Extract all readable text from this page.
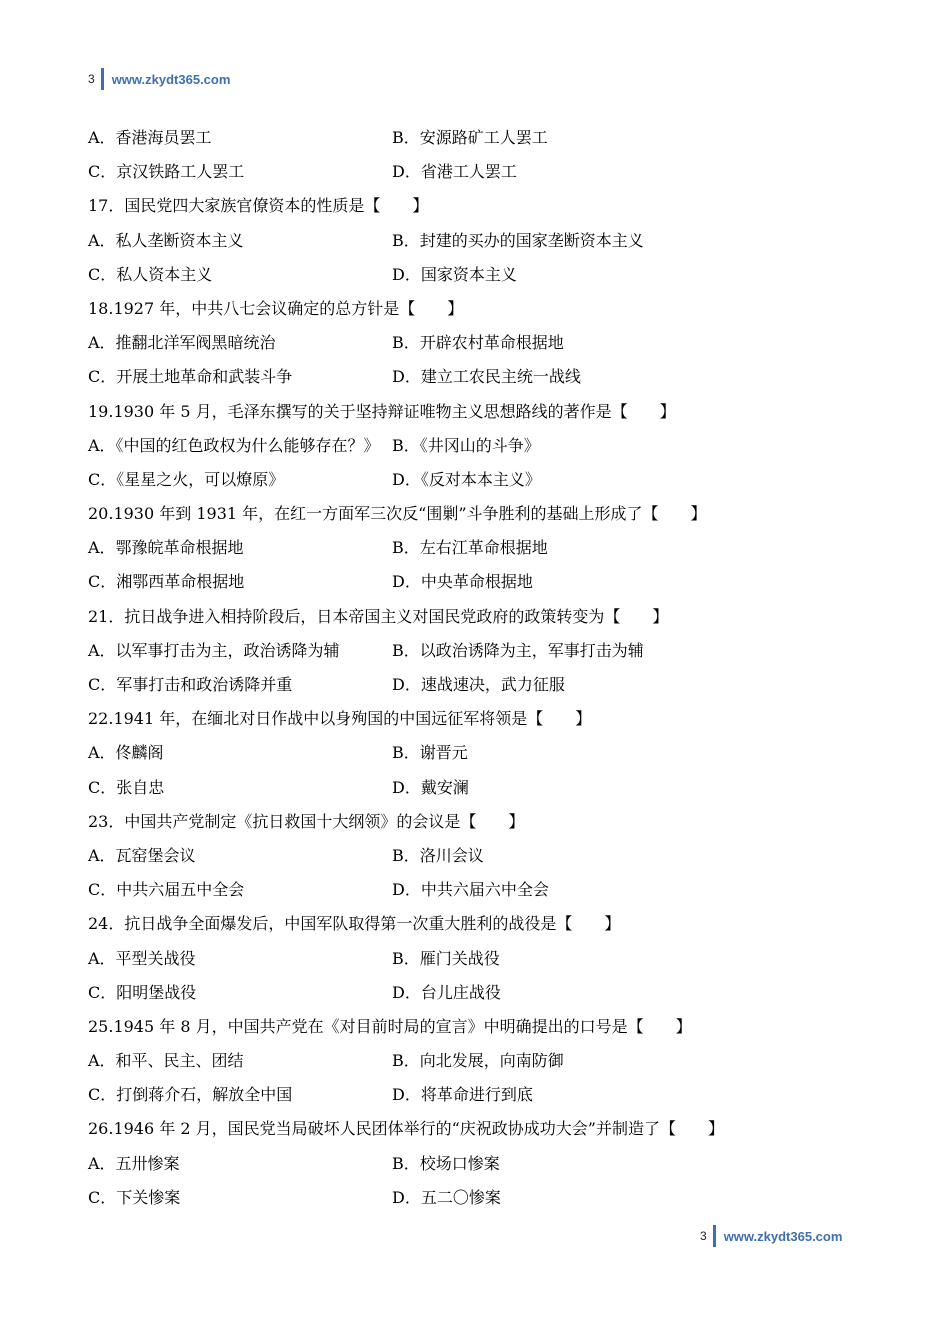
3 www.zkydt365.com
A．香港海员罢工	B．安源路矿工人罢工
C．京汉铁路工人罢工	D．省港工人罢工
17．国民党四大家族官僚资本的性质是【　　】
A．私人垄断资本主义	B．封建的买办的国家垄断资本主义
C．私人资本主义	D．国家资本主义
18.1927 年，中共八七会议确定的总方针是【　　】
A．推翻北洋军阀黑暗统治	B．开辟农村革命根据地
C．开展土地革命和武装斗争	D．建立工农民主统一战线
19.1930 年 5 月，毛泽东撰写的关于坚持辩证唯物主义思想路线的著作是【　　】
A．《中国的红色政权为什么能够存在？》 B．《井冈山的斗争》
C．《星星之火，可以燎原》	D．《反对本本主义》
20.1930 年到 1931 年，在红一方面军三次反“围剿”斗争胜利的基础上形成了【　　】
A．鄂豫皖革命根据地	B．左右江革命根据地
C．湘鄂西革命根据地	D．中央革命根据地
21．抗日战争进入相持阶段后，日本帝国主义对国民党政府的政策转变为【　　】
A．以军事打击为主，政治诱降为辅	B．以政治诱降为主，军事打击为辅
C．军事打击和政治诱降并重	D．速战速决，武力征服
22.1941 年，在缅北对日作战中以身殉国的中国远征军将领是【　　】
A．佟麟阁	B．谢晋元
C．张自忠	D．戴安澜
23．中国共产党制定《抗日救国十大纲领》的会议是【　　】
A．瓦窑堡会议	B．洛川会议
C．中共六届五中全会	D．中共六届六中全会
24．抗日战争全面爆发后，中国军队取得第一次重大胜利的战役是【　　】
A．平型关战役	B．雁门关战役
C．阳明堡战役	D．台儿庄战役
25.1945 年 8 月，中国共产党在《对目前时局的宣言》中明确提出的口号是【　　】
A．和平、民主、团结	B．向北发展，向南防御
C．打倒蒋介石，解放全中国	D．将革命进行到底
26.1946 年 2 月，国民党当局破坏人民团体举行的“庆祝政协成功大会”并制造了【　　】
A．五卅惨案	B．校场口惨案
C．下关惨案	D．五二〇惨案
3 www.zkydt365.com
